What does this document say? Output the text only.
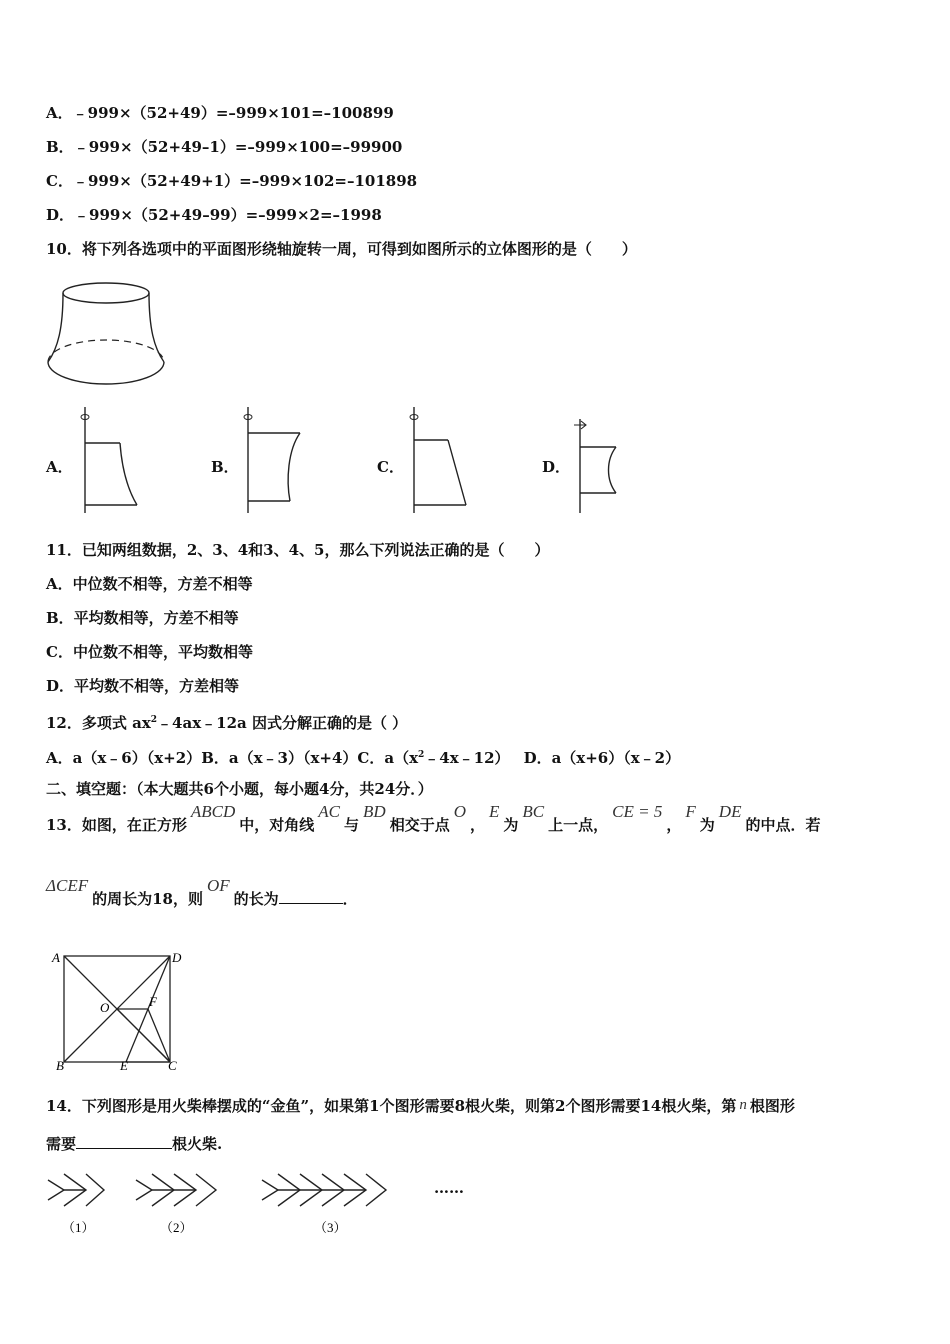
A．﹣999×（52+49）=–999×101=–100899
B．﹣999×（52+49–1）=–999×100=–99900
C．﹣999×（52+49+1）=–999×102=–101898
D．﹣999×（52+49–99）=–999×2=–1998
10．将下列各选项中的平面图形绕轴旋转一周，可得到如图所示的立体图形的是（　　）
A．	B．	C．	D．
11．已知两组数据，2、3、4和3、4、5，那么下列说法正确的是（　　）
A．中位数不相等，方差不相等
B．平均数相等，方差不相等
C．中位数不相等，平均数相等
D．平均数不相等，方差相等
12．多项式 $ax^2﹣4ax﹣12a$ 因式分解正确的是（ ）
A．a（x﹣6）（x+2）B．a（x﹣3）（x+4）C．$a(x^2﹣4x﹣12)$ D．a（x+6）（x﹣2）
二、填空题：（本大题共6个小题，每小题4分，共24分．）
13．如图，在正方形ABCD中，对角线AC与BD相交于点O，E为BC上一点，CE = 5，F为DE的中点．若
ΔCEF的周长为18，则OF的长为	．
A	D
B	C
O
E
F
14．下列图形是用火柴棒摆成的“金鱼”，如果第1个图形需要8根火柴，则第2个图形需要14根火柴，第 n 根图形
需要	根火柴.
（1）	（2）	（3）
……
